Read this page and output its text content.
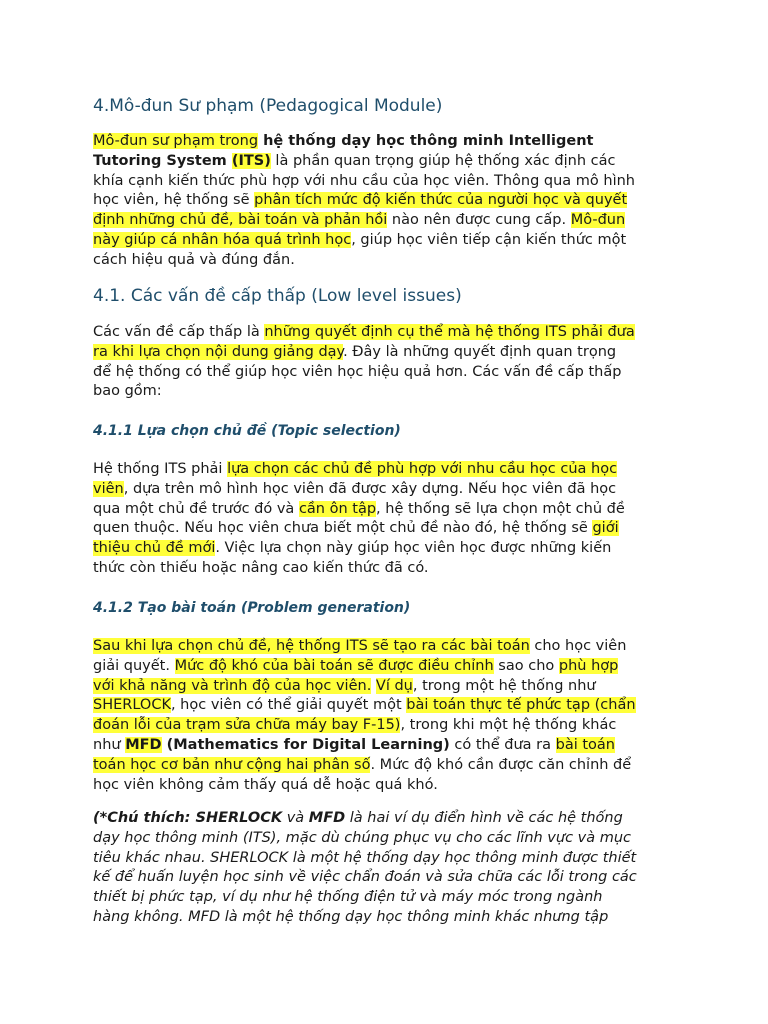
4.Mô-đun Sư phạm (Pedagogical Module)

Mô-đun sư phạm trong hệ thống dạy học thông minh Intelligent
Tutoring System (ITS) là phần quan trọng giúp hệ thống xác định các
khía cạnh kiến thức phù hợp với nhu cầu của học viên. Thông qua mô hình
học viên, hệ thống sẽ phân tích mức độ kiến thức của người học và quyết
định những chủ đề, bài toán và phản hồi nào nên được cung cấp. Mô-đun
này giúp cá nhân hóa quá trình học, giúp học viên tiếp cận kiến thức một
cách hiệu quả và đúng đắn.

4.1. Các vấn đề cấp thấp (Low level issues)

Các vấn đề cấp thấp là những quyết định cụ thể mà hệ thống ITS phải đưa
ra khi lựa chọn nội dung giảng dạy. Đây là những quyết định quan trọng
để hệ thống có thể giúp học viên học hiệu quả hơn. Các vấn đề cấp thấp
bao gồm:

4.1.1 Lựa chọn chủ đề (Topic selection)

Hệ thống ITS phải lựa chọn các chủ đề phù hợp với nhu cầu học của học
viên, dựa trên mô hình học viên đã được xây dựng. Nếu học viên đã học
qua một chủ đề trước đó và cần ôn tập, hệ thống sẽ lựa chọn một chủ đề
quen thuộc. Nếu học viên chưa biết một chủ đề nào đó, hệ thống sẽ giới
thiệu chủ đề mới. Việc lựa chọn này giúp học viên học được những kiến
thức còn thiếu hoặc nâng cao kiến thức đã có.

4.1.2 Tạo bài toán (Problem generation)

Sau khi lựa chọn chủ đề, hệ thống ITS sẽ tạo ra các bài toán cho học viên
giải quyết. Mức độ khó của bài toán sẽ được điều chỉnh sao cho phù hợp
với khả năng và trình độ của học viên. Ví dụ, trong một hệ thống như
SHERLOCK, học viên có thể giải quyết một bài toán thực tế phức tạp (chẩn
đoán lỗi của trạm sửa chữa máy bay F-15), trong khi một hệ thống khác
như MFD (Mathematics for Digital Learning) có thể đưa ra bài toán
toán học cơ bản như cộng hai phân số. Mức độ khó cần được căn chỉnh để
học viên không cảm thấy quá dễ hoặc quá khó.

(*Chú thích: SHERLOCK và MFD là hai ví dụ điển hình về các hệ thống
dạy học thông minh (ITS), mặc dù chúng phục vụ cho các lĩnh vực và mục
tiêu khác nhau. SHERLOCK là một hệ thống dạy học thông minh được thiết
kế để huấn luyện học sinh về việc chẩn đoán và sửa chữa các lỗi trong các
thiết bị phức tạp, ví dụ như hệ thống điện tử và máy móc trong ngành
hàng không. MFD là một hệ thống dạy học thông minh khác nhưng tập
